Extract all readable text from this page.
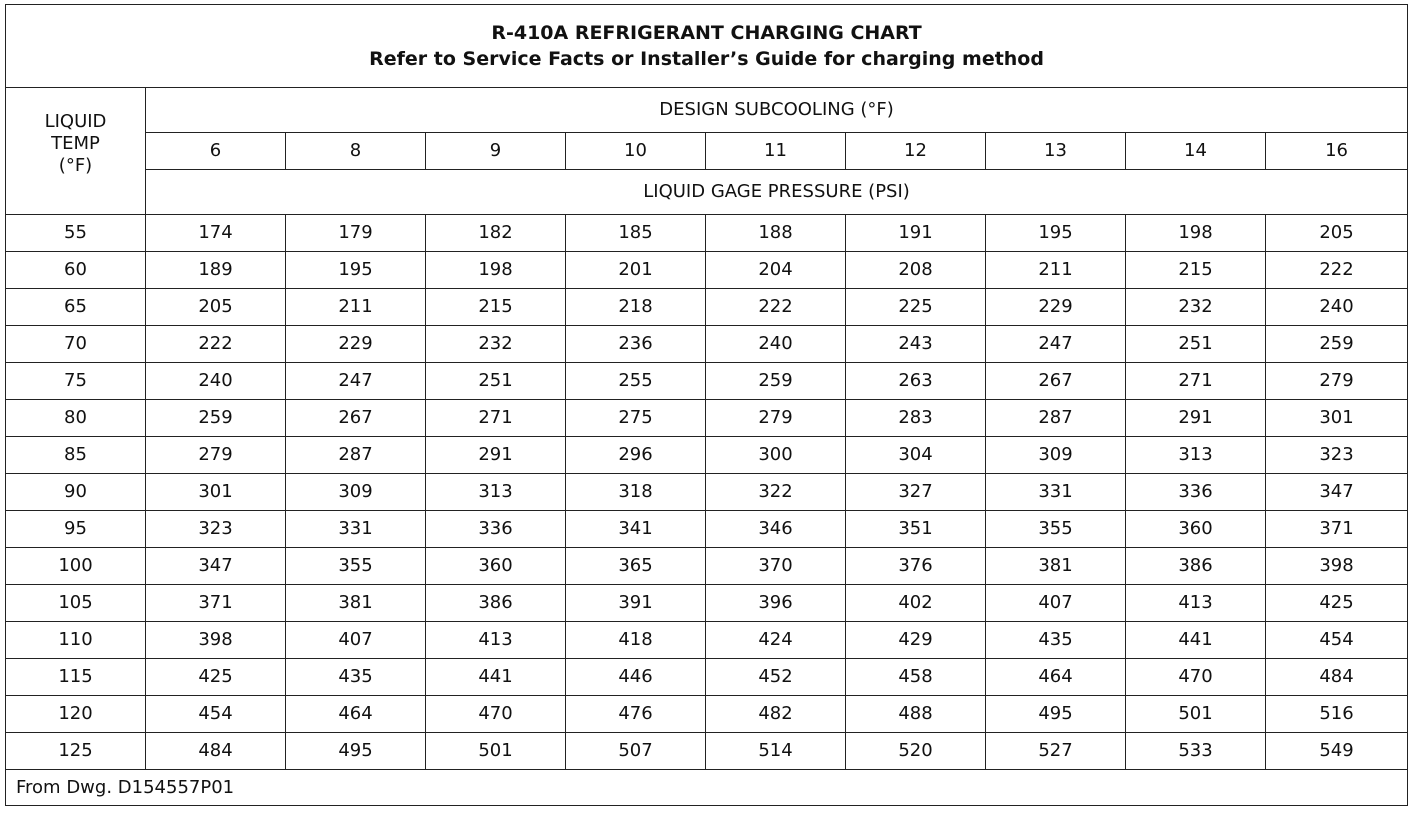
R-410A REFRIGERANT CHARGING CHART
Refer to Service Facts or Installer’s Guide for charging method									

LIQUID
TEMP
(°F)	DESIGN SUBCOOLING (°F)								
	6	8	9	10	11	12	13	14	16
	LIQUID GAGE PRESSURE (PSI)								
55	174	179	182	185	188	191	195	198	205
60	189	195	198	201	204	208	211	215	222
65	205	211	215	218	222	225	229	232	240
70	222	229	232	236	240	243	247	251	259
75	240	247	251	255	259	263	267	271	279
80	259	267	271	275	279	283	287	291	301
85	279	287	291	296	300	304	309	313	323
90	301	309	313	318	322	327	331	336	347
95	323	331	336	341	346	351	355	360	371
100	347	355	360	365	370	376	381	386	398
105	371	381	386	391	396	402	407	413	425
110	398	407	413	418	424	429	435	441	454
115	425	435	441	446	452	458	464	470	484
120	454	464	470	476	482	488	495	501	516
125	484	495	501	507	514	520	527	533	549
From Dwg. D154557P01									
